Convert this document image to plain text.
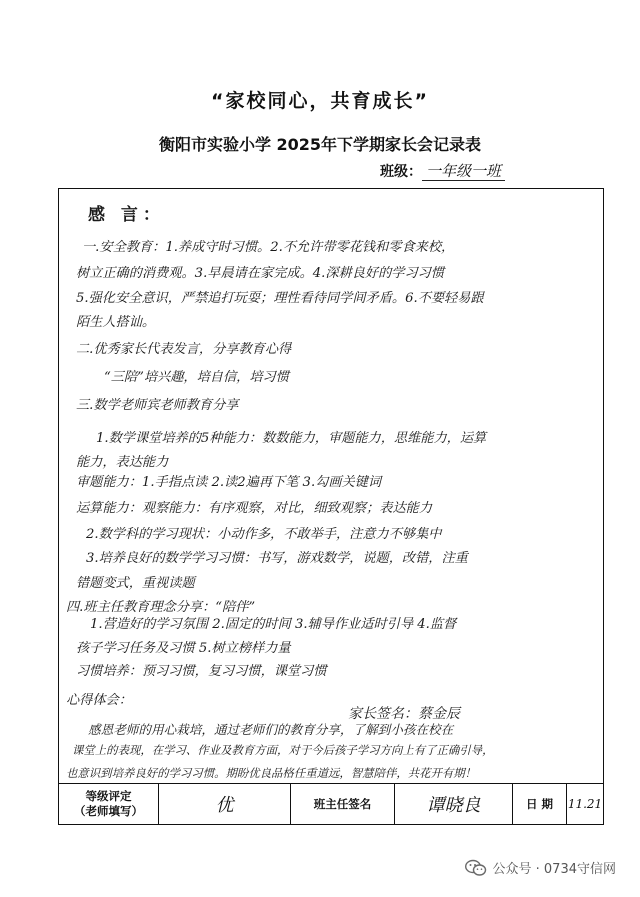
“家校同心，共育成长”
衡阳市实验小学 2025年下学期家长会记录表
班级： 一年级一班
感 言：
一.安全教育：1.养成守时习惯。2.不允许带零花钱和零食来校，
树立正确的消费观。3.早晨请在家完成。4.深耕良好的学习习惯
5.强化安全意识，严禁追打玩耍；理性看待同学间矛盾。6.不要轻易跟
陌生人搭讪。
二.优秀家长代表发言，分享教育心得
“三陪”培兴趣，培自信，培习惯
三.数学老师宾老师教育分享
1.数学课堂培养的5种能力：数数能力，审题能力，思维能力，运算
能力，表达能力
审题能力：1.手指点读 2.读2遍再下笔 3.勾画关键词
运算能力：观察能力：有序观察，对比，细致观察；表达能力
2.数学科的学习现状：小动作多，不敢举手，注意力不够集中
3.培养良好的数学学习习惯：书写，游戏数学，说题，改错，注重
错题变式，重视读题
四.班主任教育理念分享：“陪伴”
1.营造好的学习氛围 2.固定的时间 3.辅导作业适时引导 4.监督
孩子学习任务及习惯 5.树立榜样力量
习惯培养：预习习惯，复习习惯，课堂习惯
心得体会：
家长签名：蔡金辰
感恩老师的用心栽培，通过老师们的教育分享，了解到小孩在校在
课堂上的表现，在学习、作业及教育方面，对于今后孩子学习方向上有了正确引导，
也意识到培养良好的学习习惯。期盼优良品格任重道远，智慧陪伴，共花开有期！
等级评定
（老师填写）	优	班主任签名	谭晓良	日 期 11.21
公众号 · 0734守信网
